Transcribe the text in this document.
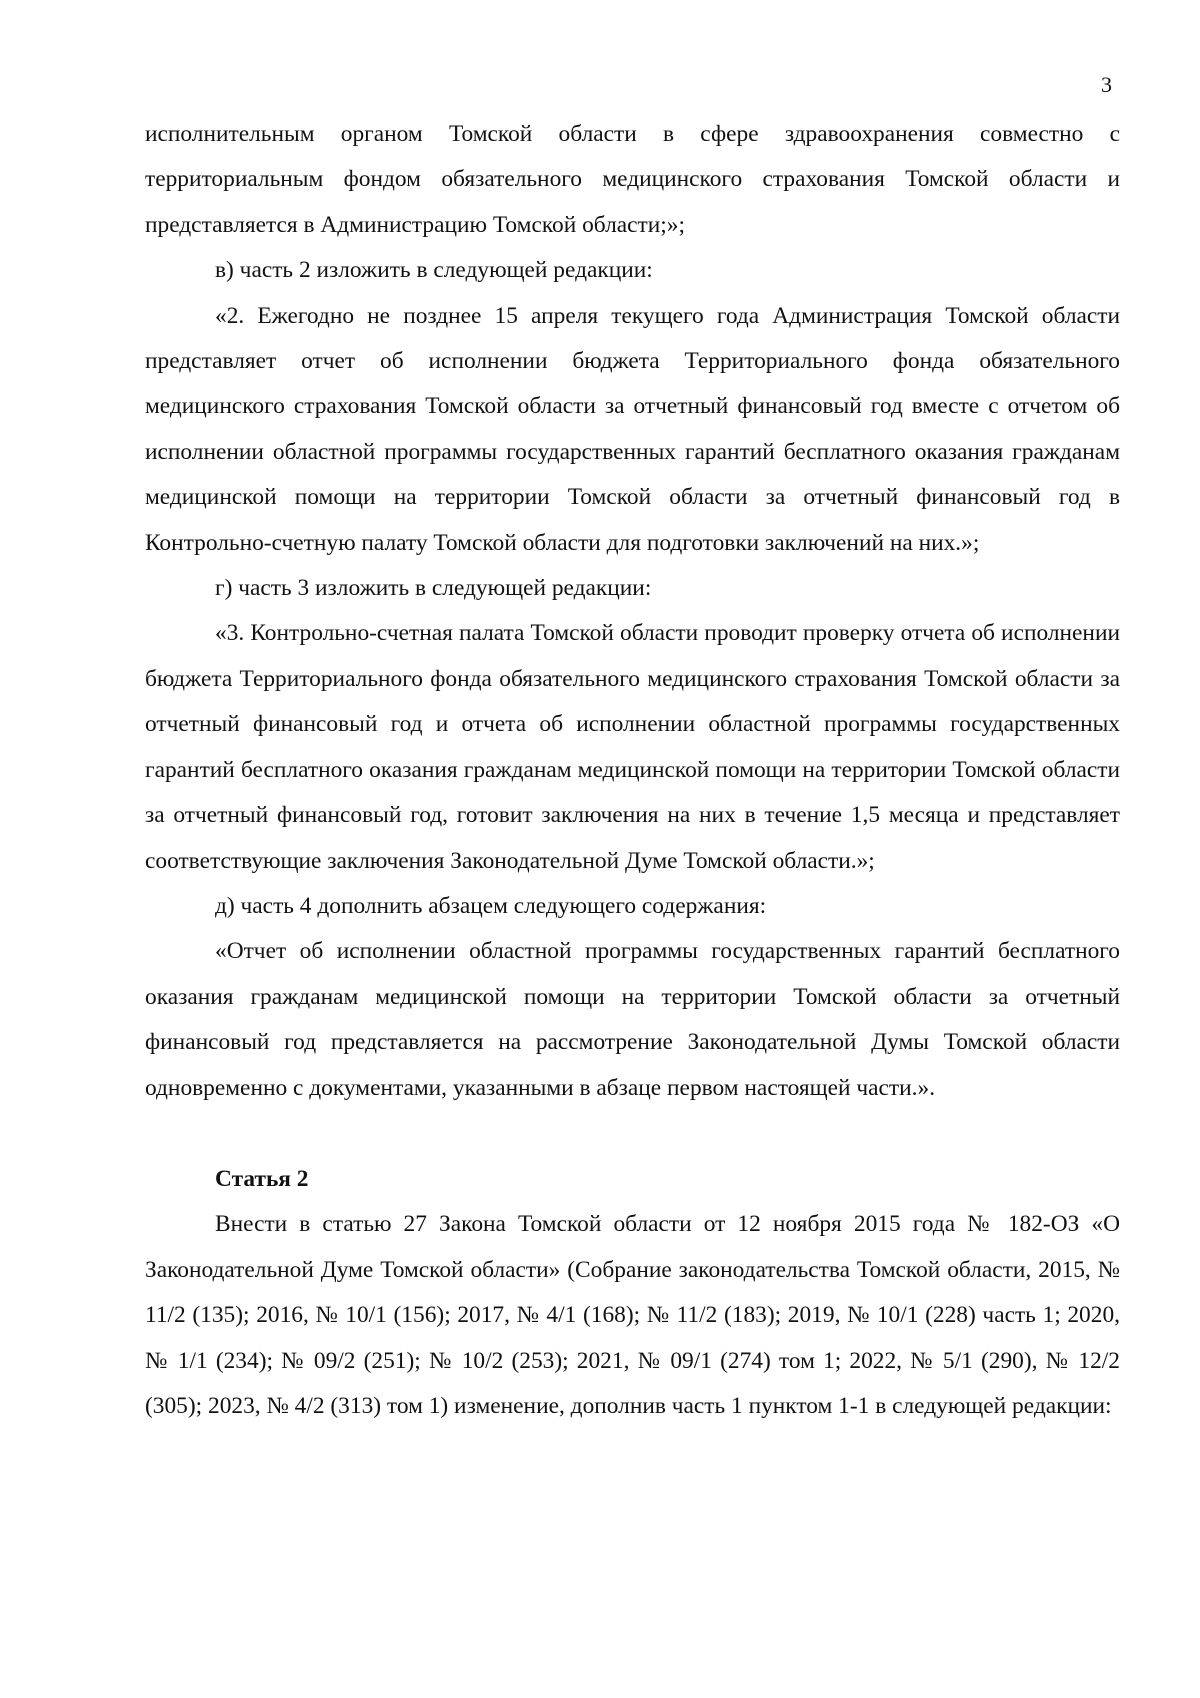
3

исполнительным органом Томской области в сфере здравоохранения совместно с территориальным фондом обязательного медицинского страхования Томской области и представляется в Администрацию Томской области;»;

в) часть 2 изложить в следующей редакции:

«2. Ежегодно не позднее 15 апреля текущего года Администрация Томской области представляет отчет об исполнении бюджета Территориального фонда обязательного медицинского страхования Томской области за отчетный финансовый год вместе с отчетом об исполнении областной программы государственных гарантий бесплатного оказания гражданам медицинской помощи на территории Томской области за отчетный финансовый год в Контрольно-счетную палату Томской области для подготовки заключений на них.»;

г) часть 3 изложить в следующей редакции:

«3. Контрольно-счетная палата Томской области проводит проверку отчета об исполнении бюджета Территориального фонда обязательного медицинского страхования Томской области за отчетный финансовый год и отчета об исполнении областной программы государственных гарантий бесплатного оказания гражданам медицинской помощи на территории Томской области за отчетный финансовый год, готовит заключения на них в течение 1,5 месяца и представляет соответствующие заключения Законодательной Думе Томской области.»;

д) часть 4 дополнить абзацем следующего содержания:

«Отчет об исполнении областной программы государственных гарантий бесплатного оказания гражданам медицинской помощи на территории Томской области за отчетный финансовый год представляется на рассмотрение Законодательной Думы Томской области одновременно с документами, указанными в абзаце первом настоящей части.».

Статья 2

Внести в статью 27 Закона Томской области от 12 ноября 2015 года № 182-ОЗ «О Законодательной Думе Томской области» (Собрание законодательства Томской области, 2015, № 11/2 (135); 2016, № 10/1 (156); 2017, № 4/1 (168); № 11/2 (183); 2019, № 10/1 (228) часть 1; 2020, № 1/1 (234); № 09/2 (251); № 10/2 (253); 2021, № 09/1 (274) том 1; 2022, № 5/1 (290), № 12/2 (305); 2023, № 4/2 (313) том 1) изменение, дополнив часть 1 пунктом 1-1 в следующей редакции:
